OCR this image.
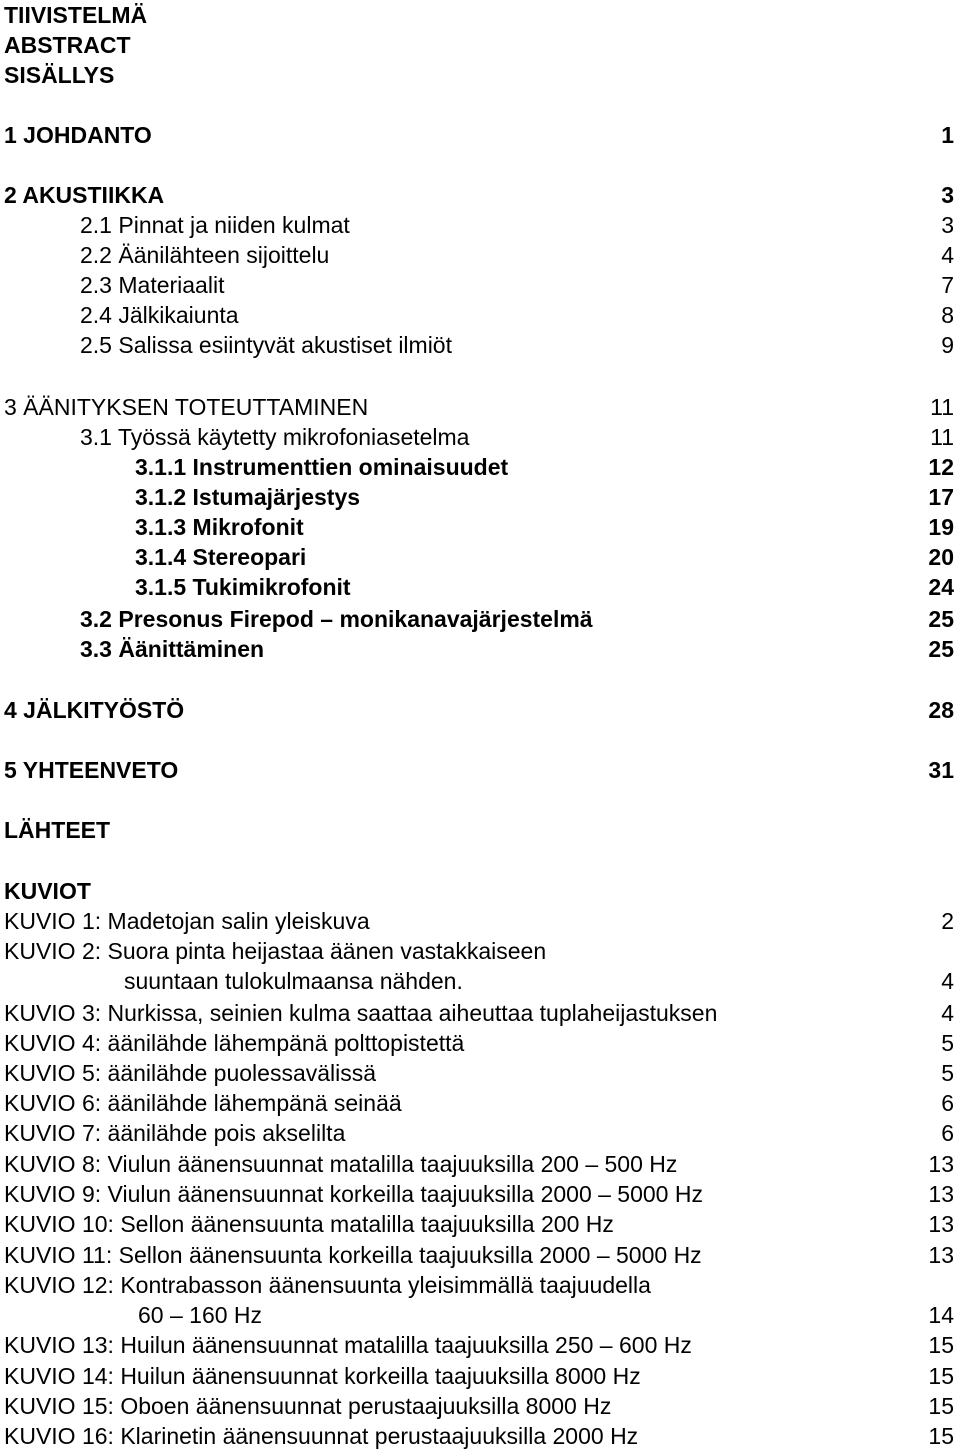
TIIVISTELMÄ
ABSTRACT
SISÄLLYS
1 JOHDANTO	1
2 AKUSTIIKKA	3
2.1 Pinnat ja niiden kulmat	3
2.2 Äänilähteen sijoittelu	4
2.3 Materiaalit	7
2.4 Jälkikaiunta	8
2.5 Salissa esiintyvät akustiset ilmiöt	9
3 ÄÄNITYKSEN TOTEUTTAMINEN	11
3.1 Työssä käytetty mikrofoniasetelma	11
3.1.1 Instrumenttien ominaisuudet	12
3.1.2 Istumajärjestys	17
3.1.3 Mikrofonit	19
3.1.4 Stereopari	20
3.1.5 Tukimikrofonit	24
3.2 Presonus Firepod – monikanavajärjestelmä	25
3.3 Äänittäminen	25
4 JÄLKITYÖSTÖ	28
5 YHTEENVETO	31
LÄHTEET
KUVIOT
KUVIO 1: Madetojan salin yleiskuva	2
KUVIO 2: Suora pinta heijastaa äänen vastakkaiseen
suuntaan tulokulmaansa nähden.	4
KUVIO 3: Nurkissa, seinien kulma saattaa aiheuttaa tuplaheijastuksen	4
KUVIO 4: äänilähde lähempänä polttopistettä	5
KUVIO 5: äänilähde puolessavälissä	5
KUVIO 6: äänilähde lähempänä seinää	6
KUVIO 7: äänilähde pois akselilta	6
KUVIO 8: Viulun äänensuunnat matalilla taajuuksilla 200 – 500 Hz	13
KUVIO 9: Viulun äänensuunnat korkeilla taajuuksilla 2000 – 5000 Hz	13
KUVIO 10: Sellon äänensuunta matalilla taajuuksilla 200 Hz	13
KUVIO 11: Sellon äänensuunta korkeilla taajuuksilla 2000 – 5000 Hz	13
KUVIO 12: Kontrabasson äänensuunta yleisimmällä taajuudella
60 – 160 Hz	14
KUVIO 13: Huilun äänensuunnat matalilla taajuuksilla 250 – 600 Hz	15
KUVIO 14: Huilun äänensuunnat korkeilla taajuuksilla 8000 Hz	15
KUVIO 15: Oboen äänensuunnat perustaajuuksilla 8000 Hz	15
KUVIO 16: Klarinetin äänensuunnat perustaajuuksilla 2000 Hz	15
